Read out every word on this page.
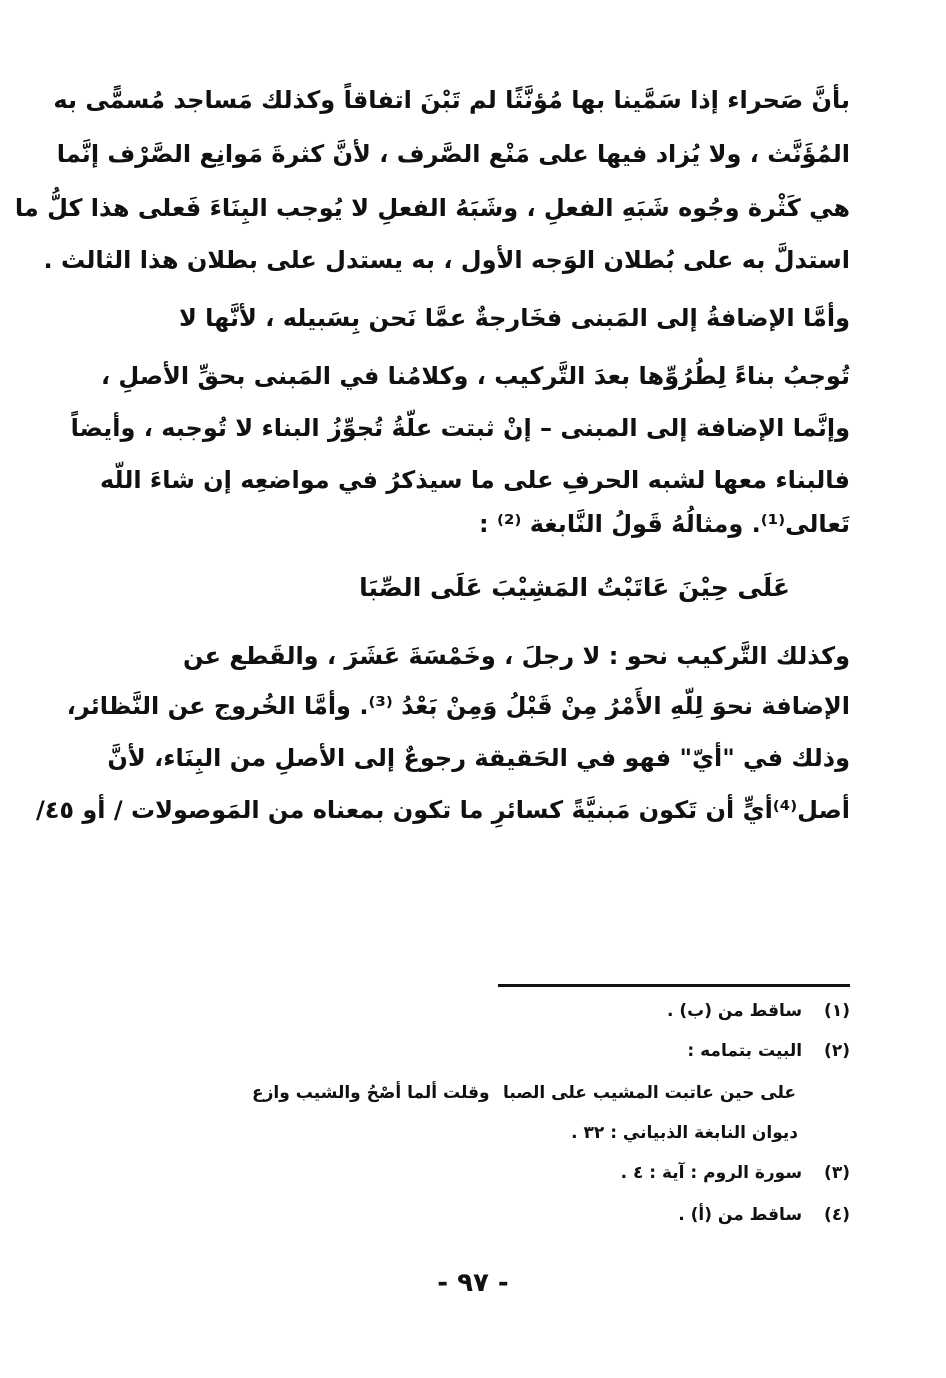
بأنَّ صَحراء إذا سَمَّينا بها مُؤنَّثًا لم تَبْنَ اتفاقاً وكذلك مَساجد مُسمًّى به
المُؤَنَّث ، ولا يُزاد فيها على مَنْع الصَّرف ، لأنَّ كثرةَ مَوانِع الصَّرْف إنَّما
هي كَثْرة وجُوه شَبَهِ الفعلِ ، وشَبَهُ الفعلِ لا يُوجب البِنَاءَ فَعلى هذا كلُّ ما
استدلَّ به على بُطلان الوَجه الأول ، به يستدل على بطلان هذا الثالث .
وأمَّا الإضافةُ إلى المَبنى فخَارجةٌ عمَّا نَحن بِسَبيله ، لأنَّها لا
تُوجبُ بناءً لِطُرُوِّها بعدَ التَّركيب ، وكلامُنا في المَبنى بحقِّ الأصلِ ،
وإنَّما الإضافة إلى المبنى – إنْ ثبتت علّةُ تُجوِّزُ البناء لا تُوجبه ، وأيضاً
فالبناء معها لشبه الحرفِ على ما سيذكرُ في مواضعِه إن شاءَ اللّه
تَعالى⁽¹⁾. ومثالُهُ قَولُ النَّابغة ⁽²⁾ :
عَلَى حِيْنَ عَاتَبْتُ المَشِيْبَ عَلَى الصِّبَا
وكذلك التَّركيب نحو : لا رجلَ ، وخَمْسَةَ عَشَرَ ، والقَطع عن
الإضافة نحوَ لِلّهِ الأَمْرُ مِنْ قَبْلُ وَمِنْ بَعْدُ ⁽³⁾. وأمَّا الخُروج عن النَّظائر،
وذلك في "أيّ" فهو في الحَقيقة رجوعٌ إلى الأصلِ من البِنَاء، لأنَّ
أصل⁽⁴⁾أيٍّ أن تَكون مَبنيَّةً كسائرِ ما تكون بمعناه من المَوصولات / أو ٤٥/
(١) ساقط من (ب) .
(٢) البيت بتمامه :
على حين عاتبت المشيب على الصبا
وقلت ألما أصْحُ والشيب وازع
ديوان النابغة الذبياني : ٣٢ .
(٣) سورة الروم : آية : ٤ .
(٤) ساقط من (أ) .
- ٩٧ -
